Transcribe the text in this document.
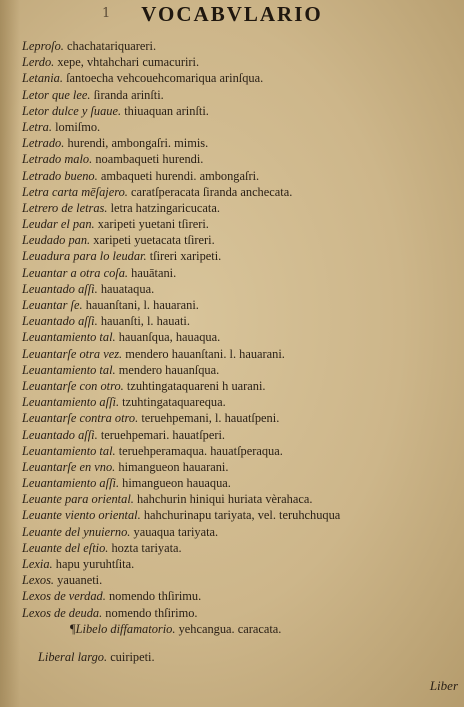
1	VOCABVLARIO
Leproſo. chachatariquareri.
Lerdo. xepe, vhtahchari cumacuriri.
Letania. ſantoecha vehcouehcomariqua arinſqua.
Letor que lee. ſiranda arinſti.
Letor dulce y ſuaue. thiuaquan arinſti.
Letra. lomiſmo.
Letrado. hurendi, ambongaſri. mimis.
Letrado malo. noambaqueti hurendi.
Letrado bueno. ambaqueti hurendi. ambongaſri.
Letra carta mēſajero. caratſperacata ſiranda anchecata.
Letrero de letras. letra hatzingaricucata.
Leudar el pan. xaripeti yuetani tſireri.
Leudado pan. xaripeti yuetacata tſireri.
Leuadura para lo leudar. tſireri xaripeti.
Leuantar a otra coſa. hauātani.
Leuantado aſſi. hauataqua.
Leuantar ſe. hauanſtani, l. hauarani.
Leuantado aſſi. hauanſti, l. hauati.
Leuantamiento tal. hauanſqua, hauaqua.
Leuantarſe otra vez. mendero hauanſtani. l. hauarani.
Leuantamiento tal. mendero hauanſqua.
Leuantarſe con otro. tzuhtingataquareni h uarani.
Leuantamiento aſſi. tzuhtingataquarequa.
Leuantarſe contra otro. teruehpemani, l. hauatſpeni.
Leuantado aſſi. teruehpemari. hauatſperi.
Leuantamiento tal. teruehperamaqua. hauatſperaqua.
Leuantarſe en vno. himangueon hauarani.
Leuantamiento aſſi. himangueon hauaqua.
Leuante para oriental. hahchurin hiniqui huriata vèrahaca.
Leuante viento oriental. hahchurinapu tariyata, vel. teruhchuqua
Leuante del ynuierno. yauaqua tariyata.
Leuante del eſtio. hozta tariyata.
Lexia. hapu yuruhtſita.
Lexos. yauaneti.
Lexos de verdad. nomendo thſirimu.
Lexos de deuda. nomendo thſirimo.
¶Libelo diffamatorio. yehcangua. caracata.
Liberal largo. cuiripeti.
Liber
